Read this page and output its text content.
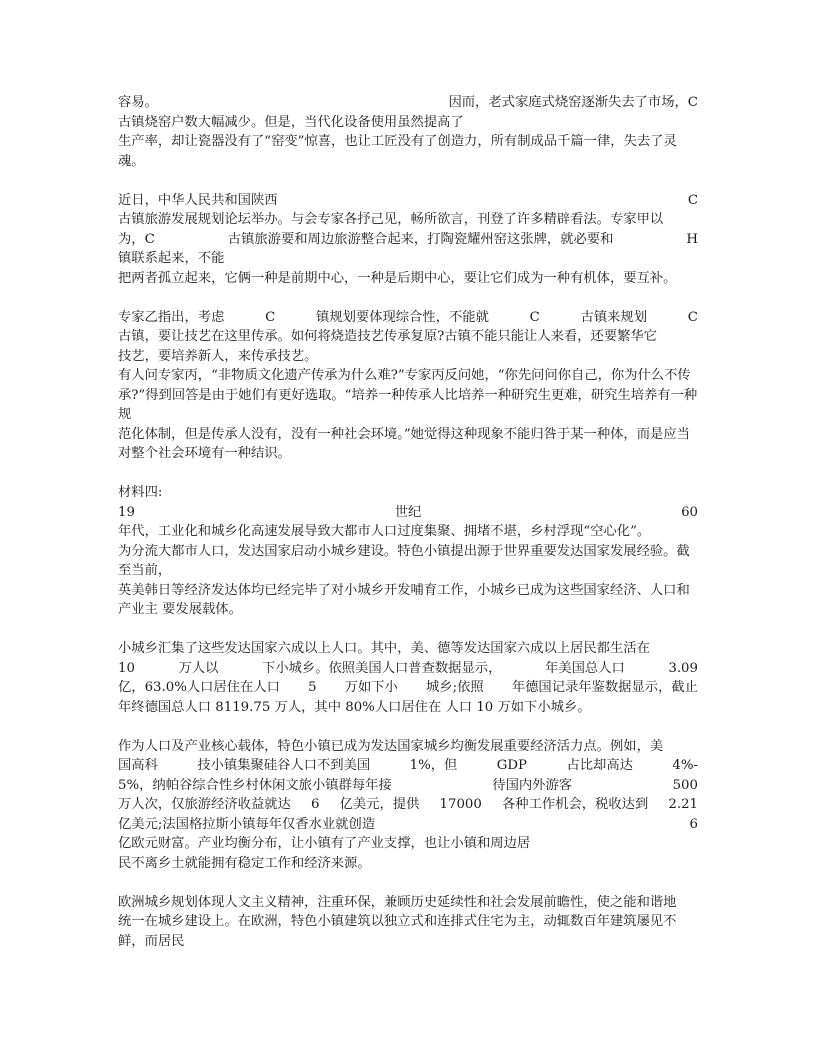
容易。	因而，老式家庭式烧窑逐渐失去了市场，C
古镇烧窑户数大幅减少。但是，当代化设备使用虽然提高了
生产率，却让瓷器没有了“窑变”惊喜，也让工匠没有了创造力，所有制成品千篇一律，失去了灵魂。
近日，中华人民共和国陕西	C
古镇旅游发展规划论坛举办。与会专家各抒己见，畅所欲言，刊登了许多精辟看法。专家甲以
为，C	古镇旅游要和周边旅游整合起来，打陶瓷耀州窑这张牌，就必要和	H
镇联系起来，不能
把两者孤立起来，它俩一种是前期中心，一种是后期中心，要让它们成为一种有机体，要互补。
专家乙指出，考虑	C	镇规划要体现综合性，不能就	C	古镇来规划	C
古镇，要让技艺在这里传承。如何将烧造技艺传承复原?古镇不能只能让人来看，还要繁华它
技艺，要培养新人，来传承技艺。
有人问专家丙，“非物质文化遗产传承为什么难?”专家丙反问她，“你先问问你自己，你为什么不传
承?”得到回答是由于她们有更好选取。“培养一种传承人比培养一种研究生更难，研究生培养有一种规
范化体制，但是传承人没有，没有一种社会环境。”她觉得这种现象不能归咎于某一种体，而是应当对整个社会环境有一种结识。
材料四:
19	世纪	60
年代，工业化和城乡化高速发展导致大都市人口过度集聚、拥堵不堪，乡村浮现“空心化”。
为分流大都市人口，发达国家启动小城乡建设。特色小镇提出源于世界重要发达国家发展经验。截至当前，
英美韩日等经济发达体均已经完毕了对小城乡开发哺育工作，小城乡已成为这些国家经济、人口和产业主 要发展载体。
小城乡汇集了这些发达国家六成以上人口。其中，美、德等发达国家六成以上居民都生活在
10	万人以	下小城乡。依照美国人口普查数据显示，	年美国总人口	3.09
亿，63.0%人口居住在人口 5 万如下小 城乡;依照 年德国记录年鉴数据显示，截止
年终德国总人口 8119.75 万人，其中 80%人口居住在 人口 10 万如下小城乡。
作为人口及产业核心载体，特色小镇已成为发达国家城乡均衡发展重要经济活力点。例如，美
国高科	技小镇集聚硅谷人口不到美国	1%，但	GDP	占比却高达	4%-
5%，纳帕谷综合性乡村休闲文旅小镇群每年接	待国内外游客	500
万人次，仅旅游经济收益就达 6 亿美元，提供 17000 各种工作机会，税收达到 2.21
亿美元;法国格拉斯小镇每年仅香水业就创造	6
亿欧元财富。产业均衡分布，让小镇有了产业支撑，也让小镇和周边居
民不离乡土就能拥有稳定工作和经济来源。
欧洲城乡规划体现人文主义精神，注重环保，兼顾历史延续性和社会发展前瞻性，使之能和谐地
统一在城乡建设上。在欧洲，特色小镇建筑以独立式和连排式住宅为主，动辄数百年建筑屡见不鲜，而居民
